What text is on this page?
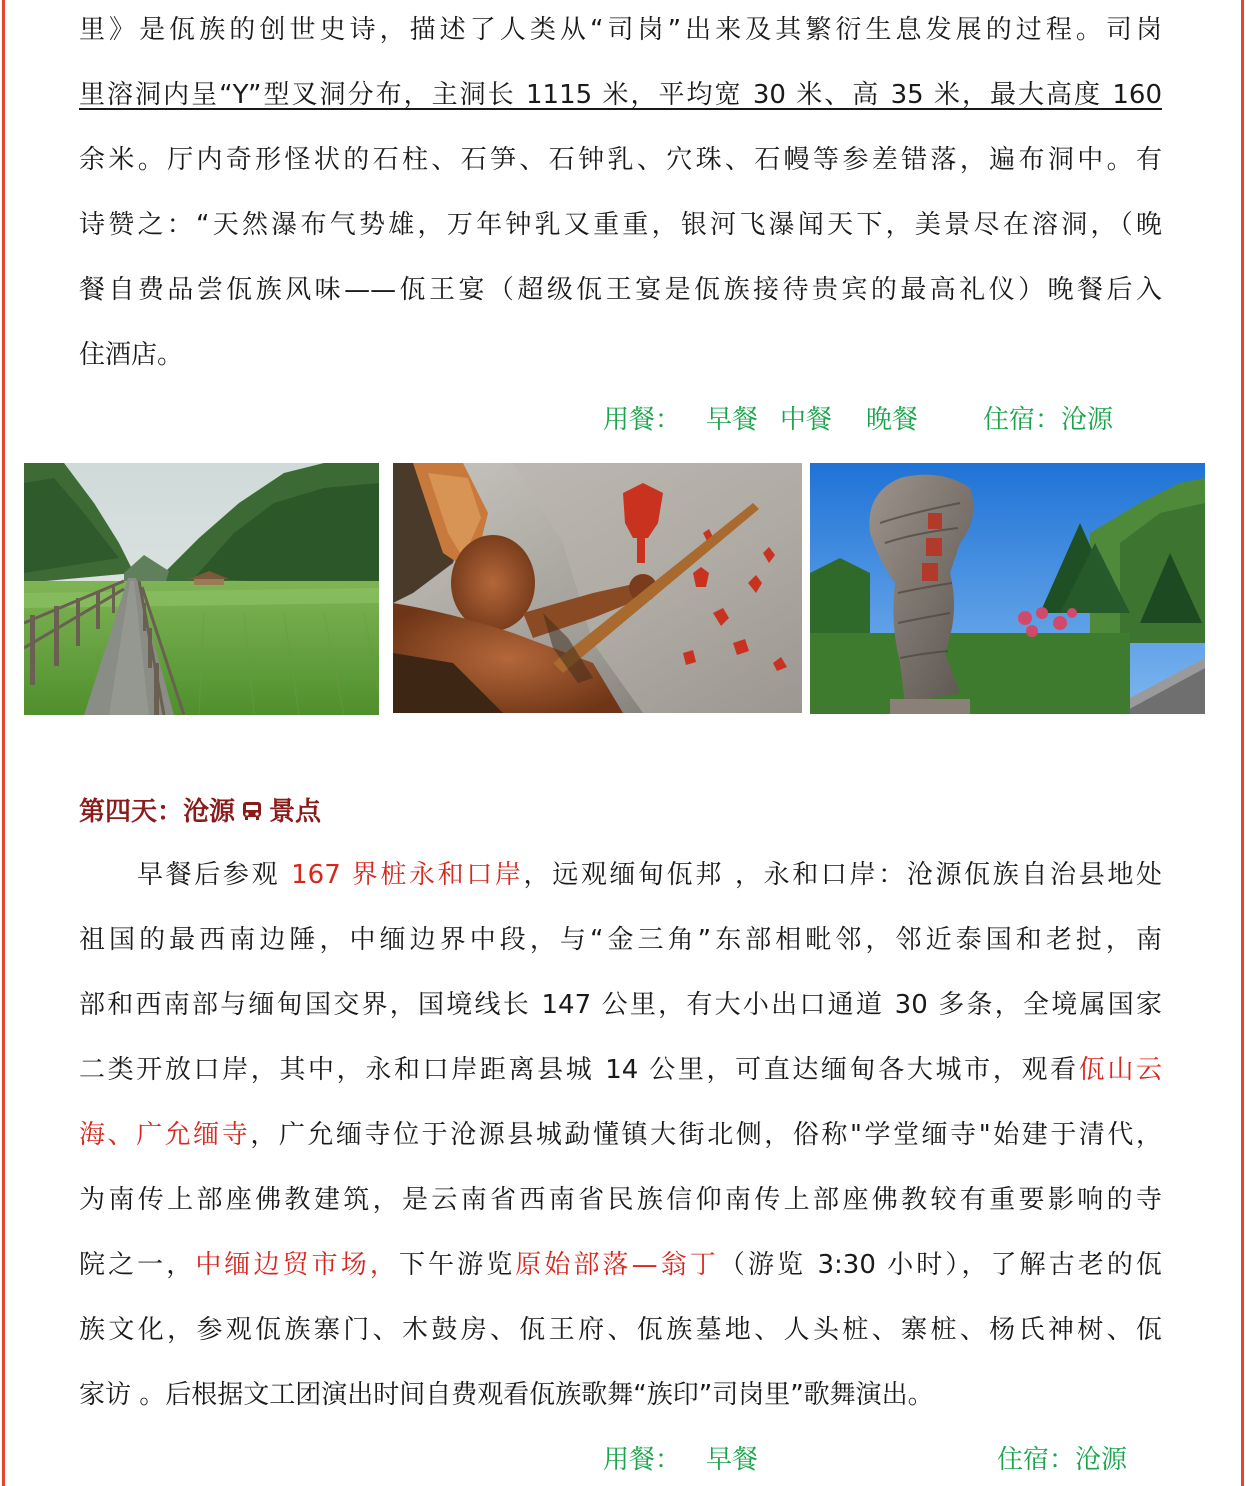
里》是佤族的创世史诗，描述了人类从“司岗”出来及其繁衍生息发展的过程。司岗
里溶洞内呈“Y”型叉洞分布，主洞长 1115 米，平均宽 30 米、高 35 米，最大高度 160
余米。厅内奇形怪状的石柱、石笋、石钟乳、穴珠、石幔等参差错落，遍布洞中。有
诗赞之：“天然瀑布气势雄，万年钟乳又重重，银河飞瀑闻天下，美景尽在溶洞，（晚
餐自费品尝佤族风味——佤王宴（超级佤王宴是佤族接待贵宾的最高礼仪）晚餐后入
住酒店。
用餐： 早餐 中餐 晚餐 住宿：沧源
第四天：沧源 景点
早餐后参观 167 界桩永和口岸，远观缅甸佤邦 ，永和口岸：沧源佤族自治县地处
祖国的最西南边陲，中缅边界中段，与“金三角”东部相毗邻，邻近泰国和老挝，南
部和西南部与缅甸国交界，国境线长 147 公里，有大小出口通道 30 多条，全境属国家
二类开放口岸，其中，永和口岸距离县城 14 公里，可直达缅甸各大城市，观看佤山云
海、广允缅寺，广允缅寺位于沧源县城勐懂镇大街北侧，俗称"学堂缅寺"始建于清代，
为南传上部座佛教建筑，是云南省西南省民族信仰南传上部座佛教较有重要影响的寺
院之一，中缅边贸市场，下午游览原始部落—翁丁（游览 3:30 小时），了解古老的佤
族文化，参观佤族寨门、木鼓房、佤王府、佤族墓地、人头桩、寨桩、杨氏神树、佤
家访 。后根据文工团演出时间自费观看佤族歌舞“族印”司岗里”歌舞演出。
用餐： 早餐	住宿：沧源
